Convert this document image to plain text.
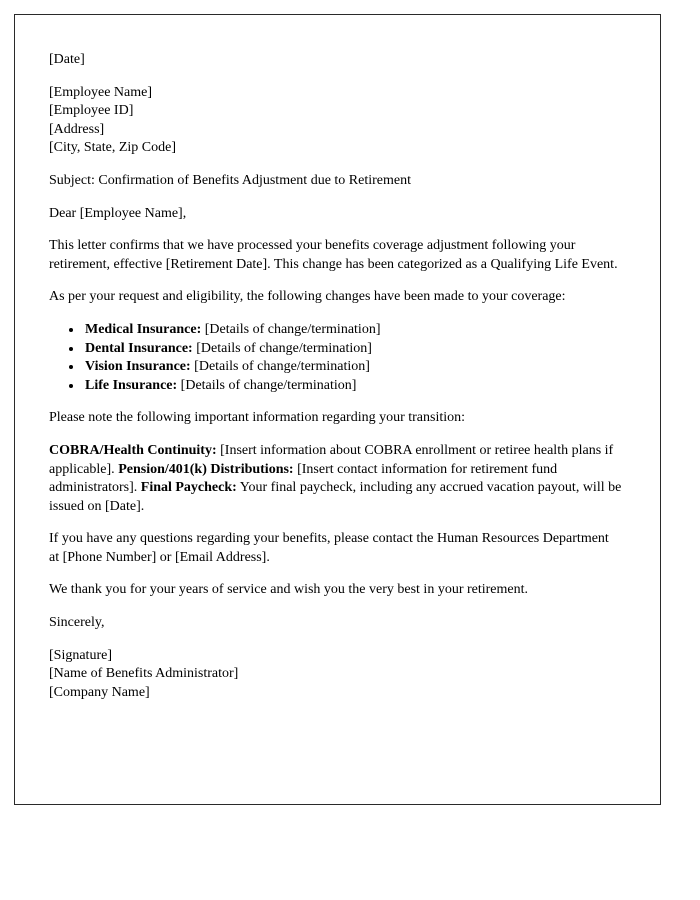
[Date]

[Employee Name]
[Employee ID]
[Address]
[City, State, Zip Code]

Subject: Confirmation of Benefits Adjustment due to Retirement

Dear [Employee Name],

This letter confirms that we have processed your benefits coverage adjustment following your retirement, effective [Retirement Date]. This change has been categorized as a Qualifying Life Event.

As per your request and eligibility, the following changes have been made to your coverage:

• Medical Insurance: [Details of change/termination]
• Dental Insurance: [Details of change/termination]
• Vision Insurance: [Details of change/termination]
• Life Insurance: [Details of change/termination]

Please note the following important information regarding your transition:

COBRA/Health Continuity: [Insert information about COBRA enrollment or retiree health plans if applicable]. Pension/401(k) Distributions: [Insert contact information for retirement fund administrators]. Final Paycheck: Your final paycheck, including any accrued vacation payout, will be issued on [Date].

If you have any questions regarding your benefits, please contact the Human Resources Department at [Phone Number] or [Email Address].

We thank you for your years of service and wish you the very best in your retirement.

Sincerely,

[Signature]
[Name of Benefits Administrator]
[Company Name]
